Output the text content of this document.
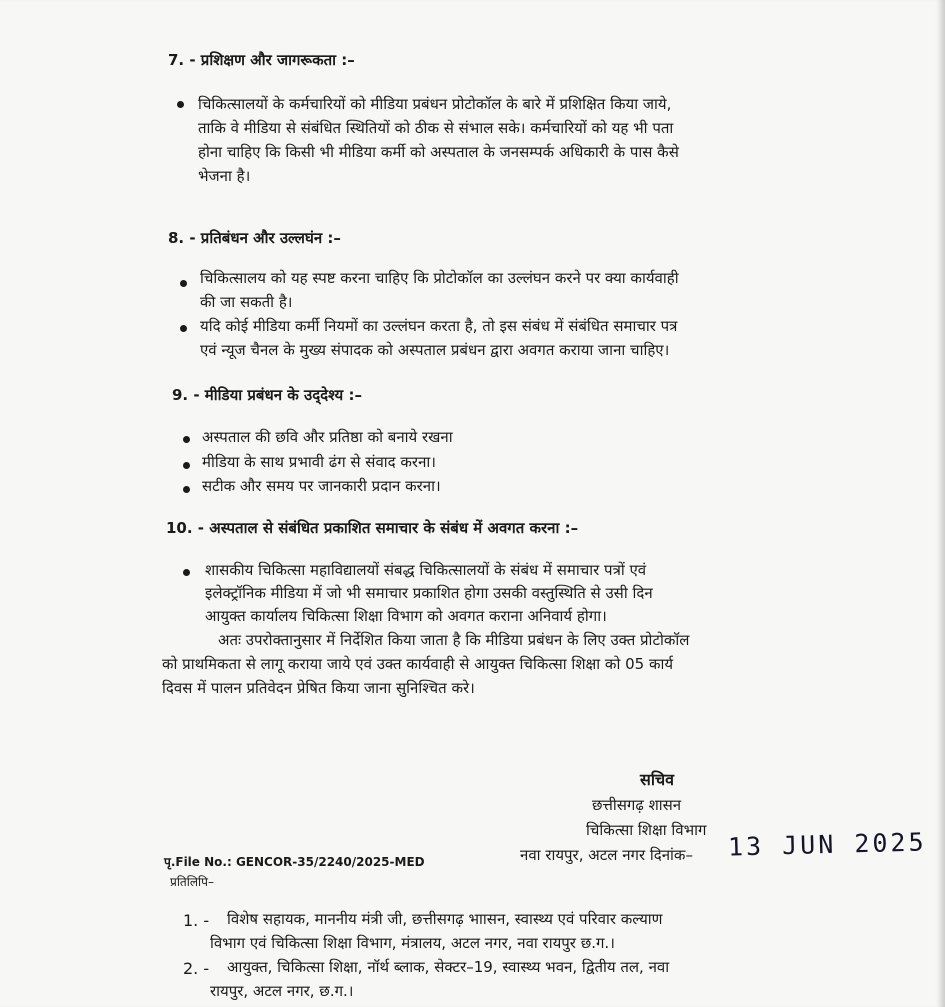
7. - प्रशिक्षण और जागरूकता :–
चिकित्सालयों के कर्मचारियों को मीडिया प्रबंधन प्रोटोकॉल के बारे में प्रशिक्षित किया जाये,
ताकि वे मीडिया से संबंधित स्थितियों को ठीक से संभाल सके। कर्मचारियों को यह भी पता
होना चाहिए कि किसी भी मीडिया कर्मी को अस्पताल के जनसम्पर्क अधिकारी के पास कैसे
भेजना है।
8. - प्रतिबंधन और उल्लघंन :–
चिकित्सालय को यह स्पष्ट करना चाहिए कि प्रोटोकॉल का उल्लंघन करने पर क्या कार्यवाही
की जा सकती है।
यदि कोई मीडिया कर्मी नियमों का उल्लंघन करता है, तो इस संबंध में संबंधित समाचार पत्र
एवं न्यूज चैनल के मुख्य संपादक को अस्पताल प्रबंधन द्वारा अवगत कराया जाना चाहिए।
9. - मीडिया प्रबंधन के उद्‌देश्य :–
अस्पताल की छवि और प्रतिष्ठा को बनाये रखना
मीडिया के साथ प्रभावी ढंग से संवाद करना।
सटीक और समय पर जानकारी प्रदान करना।
10. - अस्पताल से संबंधित प्रकाशित समाचार के संबंध में अवगत करना :–
शासकीय चिकित्सा महाविद्यालयों संबद्ध चिकित्सालयों के संबंध में समाचार पत्रों एवं
इलेक्ट्रॉनिक मीडिया में जो भी समाचार प्रकाशित होगा उसकी वस्तुस्थिति से उसी दिन
आयुक्त कार्यालय चिकित्सा शिक्षा विभाग को अवगत कराना अनिवार्य होगा।
अतः उपरोक्तानुसार में निर्देशित किया जाता है कि मीडिया प्रबंधन के लिए उक्त प्रोटोकॉल
को प्राथमिकता से लागू कराया जाये एवं उक्त कार्यवाही से आयुक्त चिकित्सा शिक्षा को 05 कार्य
दिवस में पालन प्रतिवेदन प्रेषित किया जाना सुनिश्चित करे।
सचिव
छत्तीसगढ़ शासन
चिकित्सा शिक्षा विभाग
नवा रायपुर, अटल नगर दिनांक– 13 JUN 2025
पृ.File No.: GENCOR-35/2240/2025-MED
प्रतिलिपि–
1. - विशेष सहायक, माननीय मंत्री जी, छत्तीसगढ़ भाासन, स्वास्थ्य एवं परिवार कल्याण
विभाग एवं चिकित्सा शिक्षा विभाग, मंत्रालय, अटल नगर, नवा रायपुर छ.ग.।
2. - आयुक्त, चिकित्सा शिक्षा, नॉर्थ ब्लाक, सेक्टर–19, स्वास्थ्य भवन, द्वितीय तल, नवा
रायपुर, अटल नगर, छ.ग.।
